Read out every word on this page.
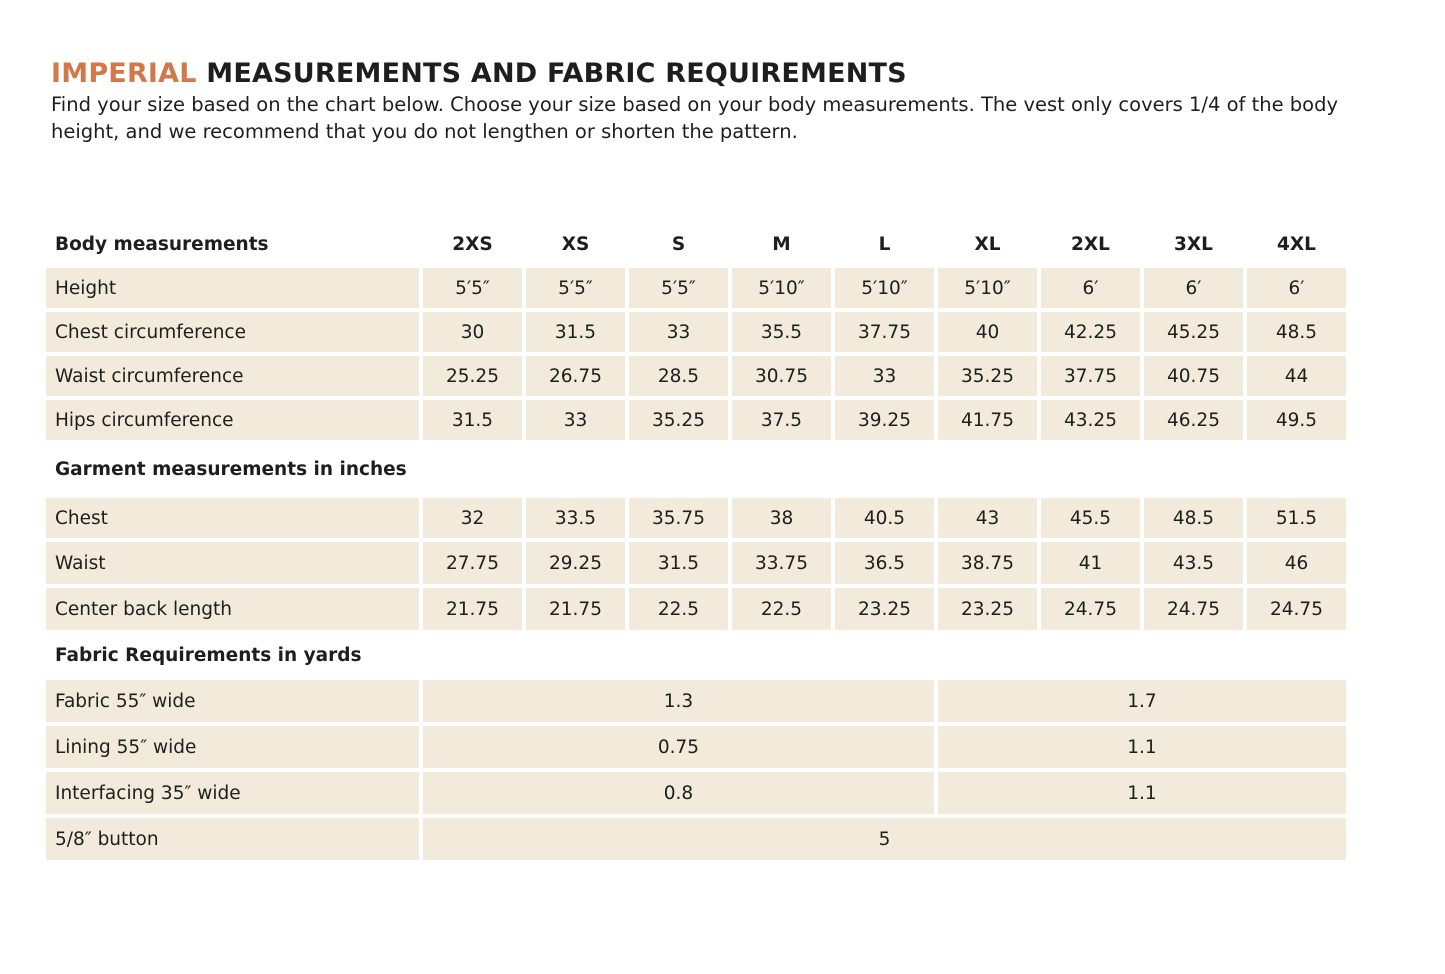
IMPERIAL MEASUREMENTS AND FABRIC REQUIREMENTS

Find your size based on the chart below. Choose your size based on your body measurements. The vest only covers 1/4 of the body height, and we recommend that you do not lengthen or shorten the pattern.

Body measurements	2XS	XS	S	M	L	XL	2XL	3XL	4XL
Height	5′5″	5′5″	5′5″	5′10″	5′10″	5′10″	6′	6′	6′
Chest circumference	30	31.5	33	35.5	37.75	40	42.25	45.25	48.5
Waist circumference	25.25	26.75	28.5	30.75	33	35.25	37.75	40.75	44
Hips circumference	31.5	33	35.25	37.5	39.25	41.75	43.25	46.25	49.5
Garment measurements in inches
Chest	32	33.5	35.75	38	40.5	43	45.5	48.5	51.5
Waist	27.75	29.25	31.5	33.75	36.5	38.75	41	43.5	46
Center back length	21.75	21.75	22.5	22.5	23.25	23.25	24.75	24.75	24.75
Fabric Requirements in yards
Fabric 55″ wide	1.3	1.7
Lining 55″ wide	0.75	1.1
Interfacing 35″ wide	0.8	1.1
5/8″ button	5
